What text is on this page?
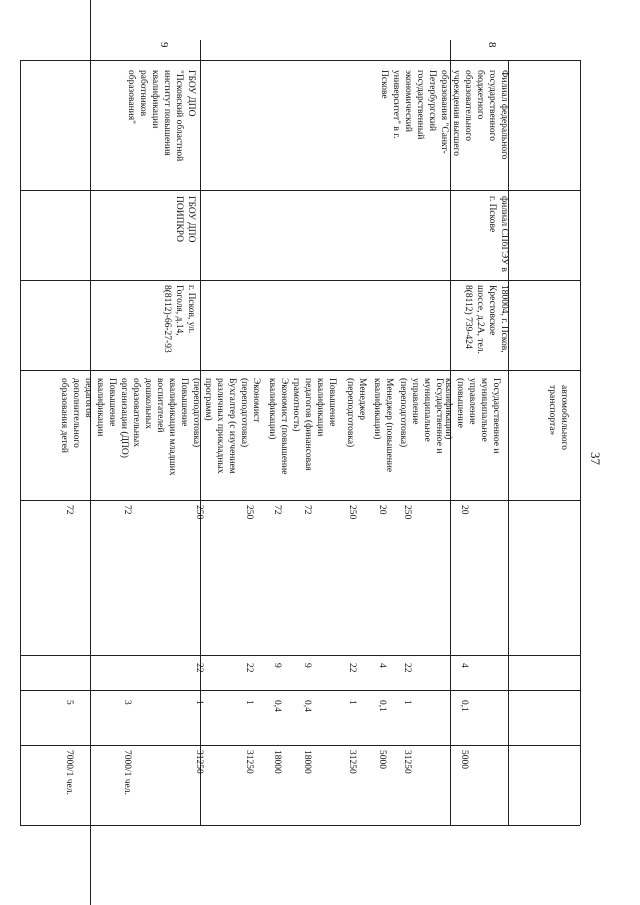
37
автомобильного
транспорта»
8
Филиал федерального
государственного
бюджетного
образовательного
учреждения высшего
образования "Санкт-
Петербургский
государственный
экономический
университет" в г.
Пскове
филиал СПбГЭУ в
г. Пскове
180004, г. Псков,
Крестовское
шоссе, д.2А, тел.
8(8112) 739-424
Государственное и
муниципальное
управление
(повышение
квалификации)
20
4
0,1
5000
Государственное и
муниципальное
управление
(переподготовка)
250
22
1
31250
Менеджер (повышение
квалификации)
20
4
0,1
5000
Менеджер
(переподготовка)
250
22
1
31250
Повышение
квалификации
педагогов (финансовая
грамотность)
72
9
0,4
18000
Экономист (повышение
квалификации)
72
9
0,4
18000
Экономист
(переподготовка)
250
22
1
31250
Бухгалтер (с изучением
различных прикладных
программ)
(переподготовка)
250
22
1
31250
9
ГБОУ ДПО
"Псковский областной
институт повышения
квалификации
работников
образования"
ГБОУ ДПО
ПОИПКРО
г. Псков, ул.
Гоголя, д.14,
8(8112)-66-27-93
Повышение
квалификации младших
воспитателей
дошкольных
образовательных
организации (ДПО)
72
3
7000/1 чел.
Повышение
квалификации
педагогов
дополнительного
образования детей
72
5
7000/1 чел.
